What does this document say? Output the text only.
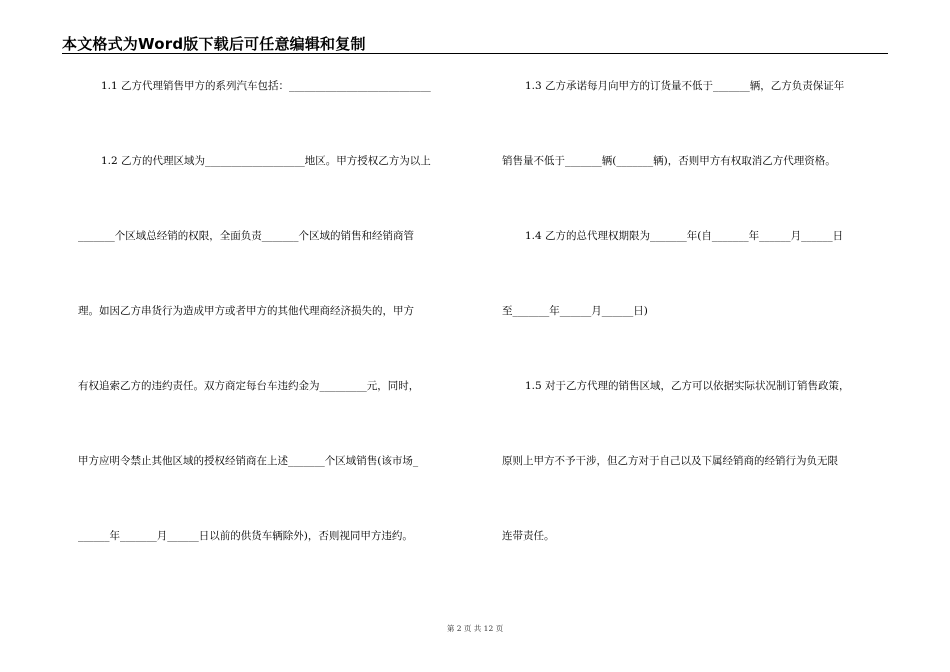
本文格式为Word版下载后可任意编辑和复制
1.1 乙方代理销售甲方的系列汽车包括：___________________________
1.2 乙方的代理区域为___________________地区。甲方授权乙方为以上
_______个区域总经销的权限，全面负责_______个区域的销售和经销商管
理。如因乙方串货行为造成甲方或者甲方的其他代理商经济损失的，甲方
有权追索乙方的违约责任。双方商定每台车违约金为_________元，同时，
甲方应明令禁止其他区域的授权经销商在上述_______个区域销售(该市场_
______年_______月______日以前的供货车辆除外)，否则视同甲方违约。
1.3 乙方承诺每月向甲方的订货量不低于_______辆，乙方负责保证年
销售量不低于_______辆(_______辆)，否则甲方有权取消乙方代理资格。
1.4 乙方的总代理权期限为_______年(自_______年______月______日
至_______年______月______日)
1.5 对于乙方代理的销售区域，乙方可以依据实际状况制订销售政策，
原则上甲方不予干涉，但乙方对于自己以及下属经销商的经销行为负无限
连带责任。
第 2 页 共 12 页
